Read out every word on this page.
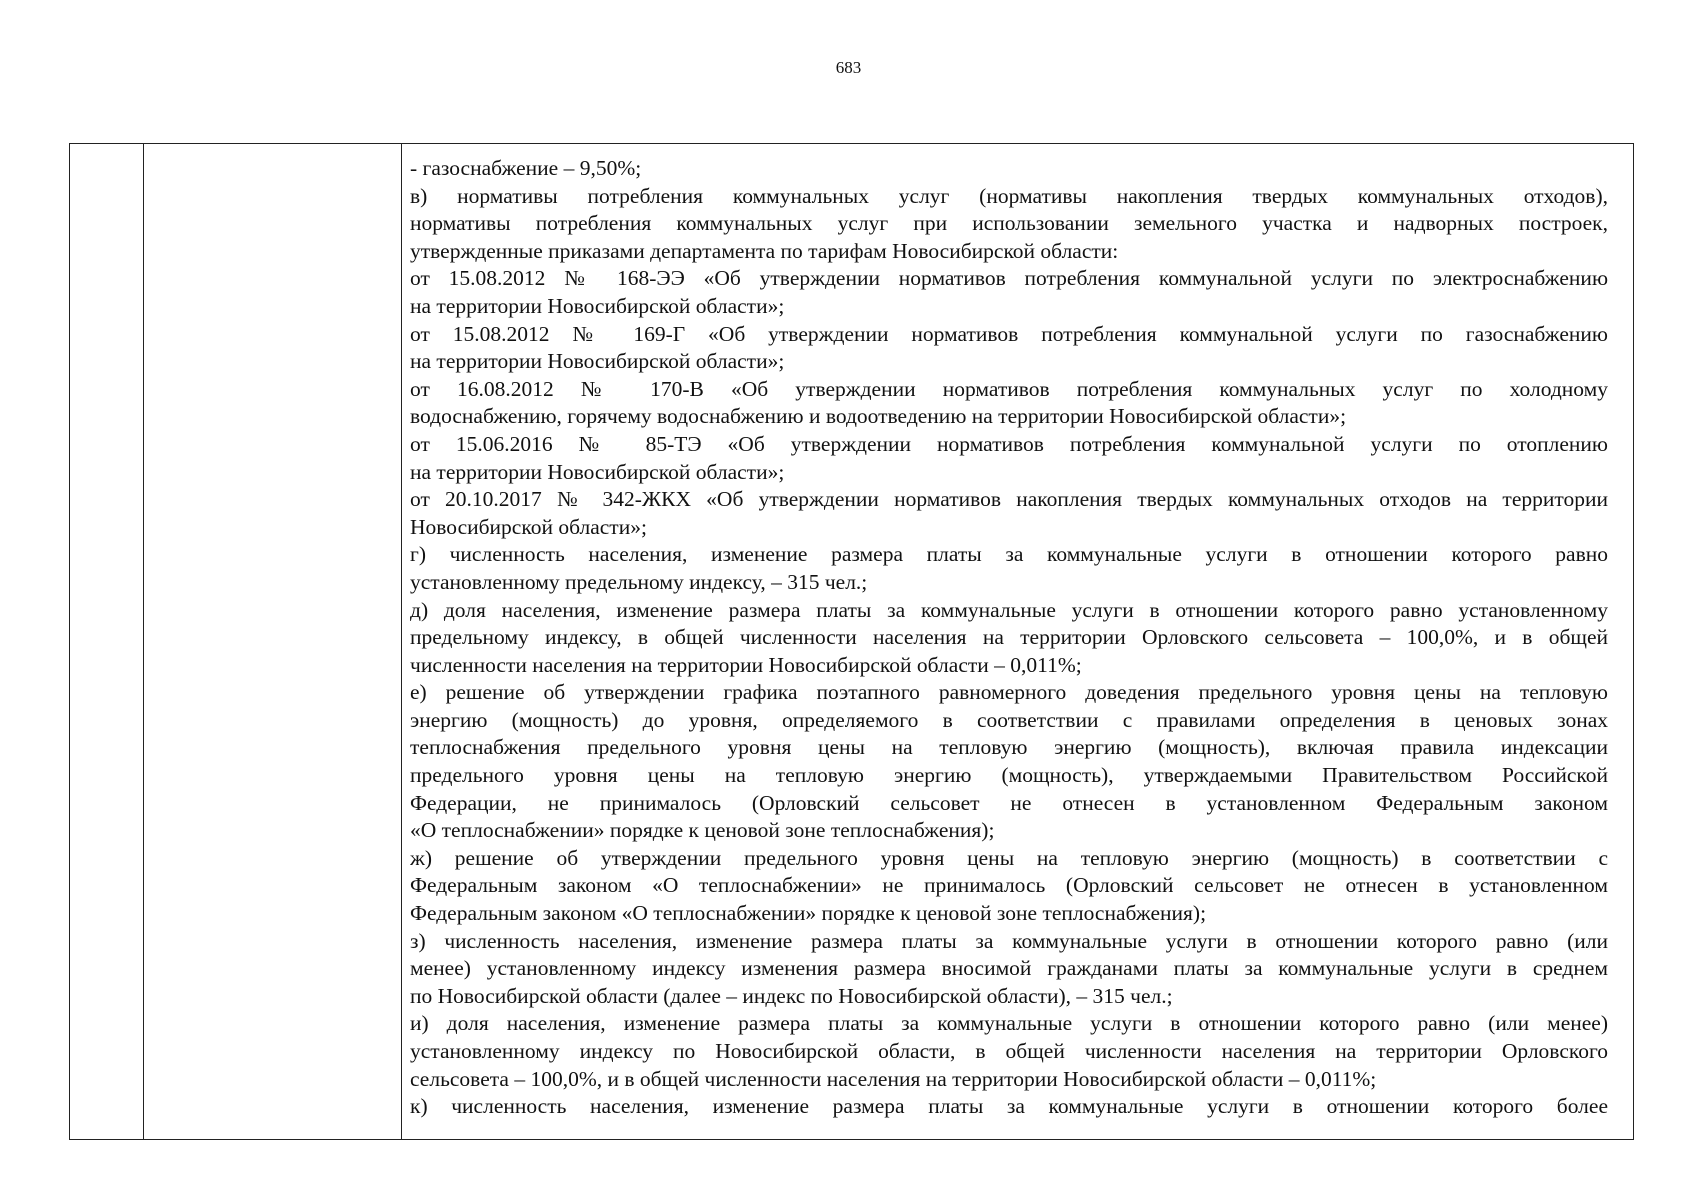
683
- газоснабжение – 9,50%;
в) нормативы потребления коммунальных услуг (нормативы накопления твердых коммунальных отходов),
нормативы потребления коммунальных услуг при использовании земельного участка и надворных построек,
утвержденные приказами департамента по тарифам Новосибирской области:
от 15.08.2012 № 168-ЭЭ «Об утверждении нормативов потребления коммунальной услуги по электроснабжению
на территории Новосибирской области»;
от 15.08.2012 № 169-Г «Об утверждении нормативов потребления коммунальной услуги по газоснабжению
на территории Новосибирской области»;
от 16.08.2012 № 170-В «Об утверждении нормативов потребления коммунальных услуг по холодному
водоснабжению, горячему водоснабжению и водоотведению на территории Новосибирской области»;
от 15.06.2016 № 85-ТЭ «Об утверждении нормативов потребления коммунальной услуги по отоплению
на территории Новосибирской области»;
от 20.10.2017 № 342-ЖКХ «Об утверждении нормативов накопления твердых коммунальных отходов на территории
Новосибирской области»;
г) численность населения, изменение размера платы за коммунальные услуги в отношении которого равно
установленному предельному индексу, – 315 чел.;
д) доля населения, изменение размера платы за коммунальные услуги в отношении которого равно установленному
предельному индексу, в общей численности населения на территории Орловского сельсовета – 100,0%, и в общей
численности населения на территории Новосибирской области – 0,011%;
е) решение об утверждении графика поэтапного равномерного доведения предельного уровня цены на тепловую
энергию (мощность) до уровня, определяемого в соответствии с правилами определения в ценовых зонах
теплоснабжения предельного уровня цены на тепловую энергию (мощность), включая правила индексации
предельного уровня цены на тепловую энергию (мощность), утверждаемыми Правительством Российской
Федерации, не принималось (Орловский сельсовет не отнесен в установленном Федеральным законом
«О теплоснабжении» порядке к ценовой зоне теплоснабжения);
ж) решение об утверждении предельного уровня цены на тепловую энергию (мощность) в соответствии с
Федеральным законом «О теплоснабжении» не принималось (Орловский сельсовет не отнесен в установленном
Федеральным законом «О теплоснабжении» порядке к ценовой зоне теплоснабжения);
з) численность населения, изменение размера платы за коммунальные услуги в отношении которого равно (или
менее) установленному индексу изменения размера вносимой гражданами платы за коммунальные услуги в среднем
по Новосибирской области (далее – индекс по Новосибирской области), – 315 чел.;
и) доля населения, изменение размера платы за коммунальные услуги в отношении которого равно (или менее)
установленному индексу по Новосибирской области, в общей численности населения на территории Орловского
сельсовета – 100,0%, и в общей численности населения на территории Новосибирской области – 0,011%;
к) численность населения, изменение размера платы за коммунальные услуги в отношении которого более
